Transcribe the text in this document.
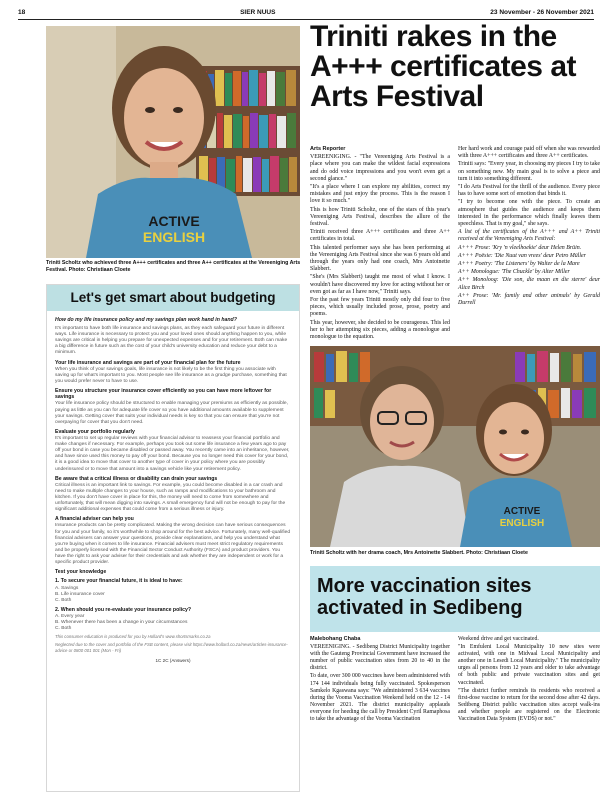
18	SIER NUUS	23 November - 26 November 2021
ACTIVE
ENGLISH
Triniti Scholtz who achieved three A+++ certificates and three A++ certificates at the Vereeniging Arts Festival. Photo: Christiaan Cloete
Triniti rakes in the A+++ certificates at Arts Festival
Arts Reporter

VEREENIGING. - "The Vereeniging Arts Festival is a place where you can make the wildest facial expressions and do odd voice impressions and you won't even get a second glance."

"It's a place where I can explore my abilities, correct my mistakes and just enjoy the process. This is the reason I love it so much."

This is how Triniti Scholtz, one of the stars of this year's Vereeniging Arts Festival, describes the allure of the festival.

Triniti received three A+++ certificates and three A++ certificates in total.

This talented performer says she has been performing at the Vereeniging Arts Festival since she was 6 years old and through the years only had one coach, Mrs Antoinette Slabbert.

"She's (Mrs Slabbert) taught me most of what I know. I wouldn't have discovered my love for acting without her or even got as far as I have now," Triniti says.

For the past few years Triniti mostly only did four to five pieces, which usually included prose, prose, poetry and poems.

This year, however, she decided to be courageous. This led her to her attempting six pieces, adding a monologue and monologue to the equation.

Her hard work and courage paid off when she was rewarded with three A+++ certificates and three A++ certificates.

Triniti says: "Every year, in choosing my pieces I try to take on something new. My main goal is to solve a piece and turn it into something different.

"I do Arts Festival for the thrill of the audience. Every piece has to have some sort of emotion that binds it.

"I try to become one with the piece. To create an atmosphere that guides the audience and keeps them interested in the performance which finally leaves them speechless. That is my goal," she says.

A list of the certificates of the A+++ and A++ Triniti received at the Vereeniging Arts Festival:

A+++ Prose: 'Kry 'n vleelhoekie' deur Helen Brüin.

A+++ Poësie: 'Die Nuut van vrees' deur Petro Müller

A+++ Poetry: 'The Listeners' by Walter de la Mare

A++ Monologue: 'The Chuckle' by Alter Miller

A++ Monoloog: 'Die son, die maan en die sterre' deur Alice Birch

A++ Prose: 'Mr. family and other animals' by Gerald Durrell

Let's get smart about budgeting

How do my life insurance policy and my savings plan work hand in hand?

It's important to have both life insurance and savings plans, as they each safeguard your future in different ways. Life insurance is necessary to protect you and your loved ones should anything happen to you, while savings are critical in helping you prepare for unexpected expenses and for your retirement. Both can make a big difference in future such as the cost of your child's university education and reduce your debt to a minimum.

Your life insurance and savings are part of your financial plan for the future

When you think of your savings goals, life insurance is not likely to be the first thing you associate with saving up for what's important to you. Most people see life insurance as a grudge purchase, something that you would prefer never to have to use.

Ensure you structure your insurance cover efficiently so you can have more leftover for savings

Your life insurance policy should be structured to enable managing your premiums as efficiently as possible, paying as little as you can for adequate life cover so you have additional amounts available to supplement your savings. Getting cover that suits your individual needs is key so that you can ensure that you're not overpaying for cover that you don't need.

Evaluate your portfolio regularly

It's important to set up regular reviews with your financial advisor to reassess your financial portfolio and make changes if necessary. For example, perhaps you took out some life insurance a few years ago to pay off your bond in case you became disabled or passed away. You recently came into an inheritance, however, and have since used this money to pay off your bond. Because you no longer need this cover for your bond, it is a good idea to move that cover to another type of cover in your policy where you are possibly underinsured or to move that amount into a savings vehicle like your retirement policy.

Be aware that a critical illness or disability can drain your savings

Critical illness is an important link to savings. For example, you could become disabled in a car crash and need to make multiple changes to your house, such as ramps and modifications to your bathroom and kitchen. If you don't have cover in place for this, the money will need to come from somewhere and unfortunately, that will mean digging into savings. A small emergency fund will not be enough to pay for the significant additional expenses that could come from a serious illness or injury.

A financial adviser can help you

Insurance products can be pretty complicated. Making the wrong decision can have serious consequences for you and your family, so it's worthwhile to shop around for the best advice. Fortunately, many well-qualified financial advisers can answer your questions, provide clear explanations, and help you understand what you're buying when it comes to life insurance. Financial advisers must meet strict regulatory requirements and be properly licensed with the Financial Sector Conduct Authority (FSCA) and product providers. You have the right to ask your adviser for their credentials and ask whether they are independent or work for a specific product provider.

Test your knowledge
1. To secure your financial future, it is ideal to have:

A. Savings

B. Life insurance cover

C. Both

2. When should you re-evaluate your insurance policy?

A. Every year

B. Whenever there has been a change in your circumstances

C. Both

This consumer education is produced for you by Hollard's www.shortsmarks.co.za

Neglected due to the cover and portfolio of the FSB content, please visit https://www.hollard.co.za/news/articles-insurance-advice or 0800 001 001 (Mon - Fri)

1C 2C (Answers)

ACTIVE
ENGLISH
Triniti Scholtz with her drama coach, Mrs Antoinette Slabbert. Photo: Christiaan Cloete
More vaccination sites activated in Sedibeng
Malebohang Chaba

VEREENIGING. - Sedibeng District Municipality together with the Gauteng Provincial Government have increased the number of public vaccination sites from 20 to 40 in the district.

To date, over 300 000 vaccines have been administered with 174 144 individuals being fully vaccinated. Spokesperson Samkelo Kgaswana says: "We administered 3 634 vaccines during the Vooma Vaccination Weekend held on the 12 - 14 November 2021. The district municipality applauds everyone for heeding the call by President Cyril Ramaphosa to take the advantage of the Vooma Vaccination

Weekend drive and get vaccinated.

"In Emfuleni Local Municipality 10 new sites were activated, with one in Midvaal Local Municipality and another one in Lesedi Local Municipality." The municipality urges all persons from 12 years and older to take advantage of both public and private vaccination sites and get vaccinated.

"The district further reminds its residents who received a first-dose vaccine to return for the second dose after 42 days. Sedibeng District public vaccination sites accept walk-ins and whether people are registered on the Electronic Vaccination Data System (EVDS) or not."
